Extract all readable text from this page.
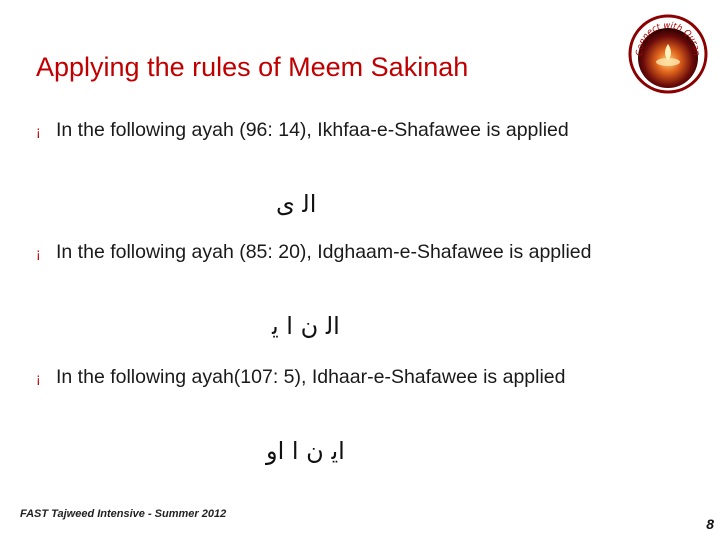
Applying the rules of Meem Sakinah	Connect with Quran
¡ In the following ayah (96: 14), Ikhfaa-e-Shafawee is applied
ﺍﻟ ﻯ
¡ In the following ayah (85: 20), Idghaam-e-Shafawee is applied
ﺍﻟ ﻥ ﺍ ﻳ
¡ In the following ayah(107: 5), Idhaar-e-Shafawee is applied
ﺍﻳ ﻥ ﺍ ﺍﻭ
FAST Tajweed Intensive - Summer 2012
8
